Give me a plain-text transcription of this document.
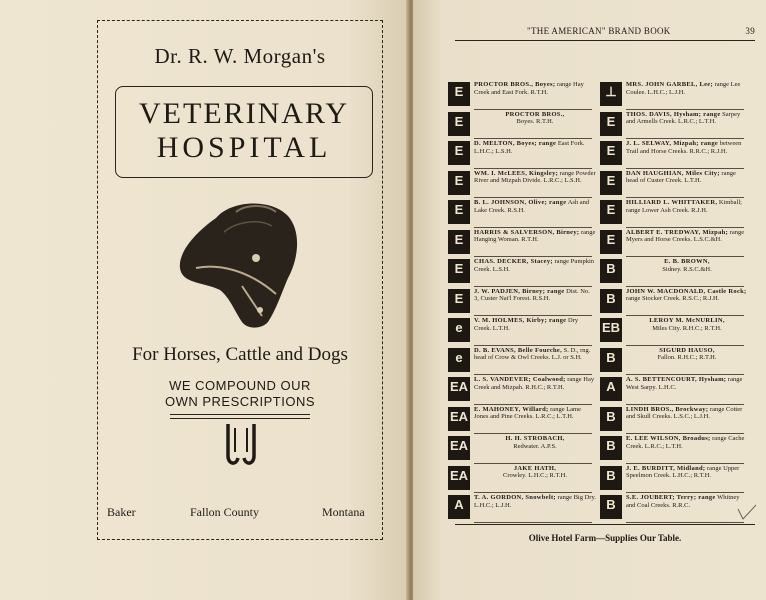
Dr. R. W. Morgan's
VETERINARY
HOSPITAL
For Horses, Cattle and Dogs
WE COMPOUND OUR
OWN PRESCRIPTIONS
Baker	Fallon County	Montana
"THE AMERICAN" BRAND BOOK	39
E	PROCTOR BROS., Boyes; range Hay Creek and East Fork. R.T.H.
E	PROCTOR BROS.,
Boyes. R.T.H.
E	D. MELTON, Boyes; range East Fork. L.H.C.; L.S.H.
E	WM. I. McLEES, Kingsley; range Powder River and Mizpah Divide. L.R.C.; L.S.H.
E	B. L. JOHNSON, Olive; range Ash and Lake Creek. R.S.H.
E	HARRIS & SALVERSON, Birney; range Hanging Woman. R.T.H.
E	CHAS. DECKER, Stacey; range Pumpkin Creek. L.S.H.
E	J. W. PADJEN, Birney; range Dist. No. 3, Custer Nat'l Forest. R.S.H.
e	V. M. HOLMES, Kirby; range Dry Creek. L.T.H.
e	D. B. EVANS, Belle Fourche, S. D., rng. head of Crow & Owl Creeks. L.J. or S.H.
EA L. S. VANDEVER; Coalwood; range Hay Creek and Mizpah. R.H.C.; R.T.H.
EA E. MAHONEY, Willard; range Lame Jones and Pine Creeks. L.R.C.; L.T.H.
EA	H. H. STROBACH,
Redwater. A.P.S.
EA	JAKE HATH,
Crowley. L.H.C.; R.T.H.
A	T. A. GORDON, Snowbelt; range Big Dry. L.H.C.; L.J.H.
⊥	MRS. JOHN GARBEL, Lee; range Lee Coulee. L.H.C.; L.J.H.
E	THOS. DAVIS, Hysham; range Sarpey and Armells Creek. L.R.C.; L.T.H.
E	J. L. SELWAY, Mizpah; range between Trail and Horse Creeks. R.R.C.; R.J.H.
E	DAN HAUGHIAN, Miles City; range head of Custer Creek. L.T.H.
E	HILLIARD L. WHITTAKER, Kimball; range Lower Ash Creek. R.J.H.
E	ALBERT E. TREDWAY, Mizpah; range Myers and Horse Creeks. L.S.C.&H.
B	E. B. BROWN,
Sidney. R.S.C.&H.
B	JOHN W. MACDONALD, Castle Rock; range Stocker Creek. R.S.C.; R.J.H.
EB	LEROY M. McNURLIN,
Miles City. R.H.C.; R.T.H.
B	SIGURD HAUSO,
Fallon. R.H.C.; R.T.H.
A	A. S. BETTENCOURT, Hysham; range West Sarpy. L.H.C.
B	LINDH BROS., Brockway; range Cotter and Skull Creeks. L.S.C.; L.J.H.
B	E. LEE WILSON, Broadus; range Cache Creek. L.R.C.; L.T.H.
B	J. E. BURDITT, Midland; range Upper Speelmon Creek. L.H.C.; R.T.H.
B	S.E. JOUBERT; Terry; range Whitney and Coal Creeks. R.R.C.
Olive Hotel Farm—Supplies Our Table.
